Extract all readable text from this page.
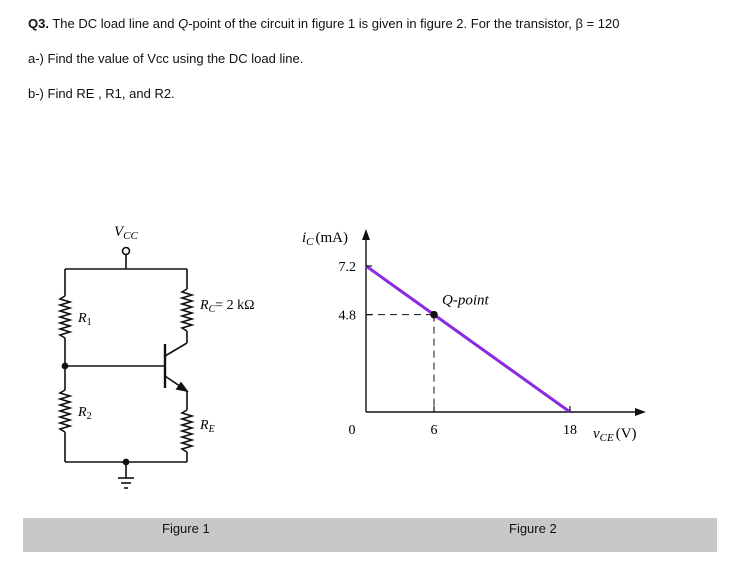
Q3. The DC load line and Q-point of the circuit in figure 1 is given in figure 2. For the transistor, β = 120
a-) Find the value of Vcc using the DC load line.
b-) Find RE , R1, and R2.
$V_{CC}$
$R_1$
$R_2$
$R_C= 2$ kΩ
$R_E$
7.2
4.8
0	6	18
Q-point
$i_C$ (mA)
$v_{CE}$ (V)
Figure 1	Figure 2
